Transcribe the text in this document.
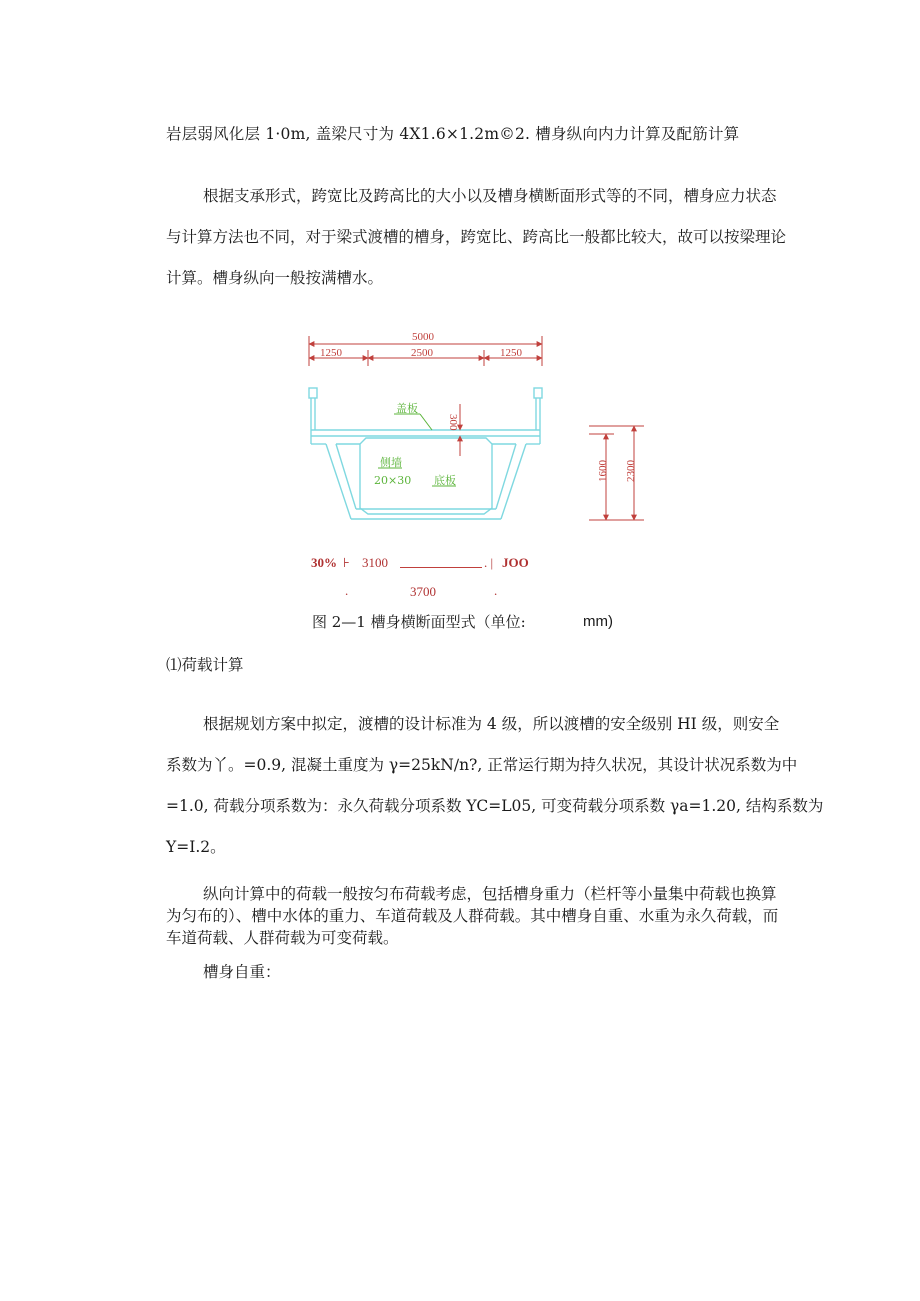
岩层弱风化层 1·0m, 盖梁尺寸为 4X1.6×1.2m©2. 槽身纵向内力计算及配筋计算
根据支承形式，跨宽比及跨高比的大小以及槽身横断面形式等的不同，槽身应力状态
与计算方法也不同，对于梁式渡槽的槽身，跨宽比、跨高比一般都比较大，故可以按梁理论
计算。槽身纵向一般按满槽水。
5000
1250	2500	1250
300
盖板
侧墙
20×30 底板	1600 2300
30% ⊦ 3100	. | JOO
.	3700	.
图 2—1 槽身横断面型式（单位:	mm)
⑴荷载计算
根据规划方案中拟定，渡槽的设计标准为 4 级，所以渡槽的安全级别 HI 级，则安全
系数为丫。=0.9, 混凝土重度为 γ=25kN∕n?, 正常运行期为持久状况，其设计状况系数为中
=1.0, 荷载分项系数为：永久荷载分项系数 YC=L05, 可变荷载分项系数 γa=1.20, 结构系数为
Y=I.2。
纵向计算中的荷载一般按匀布荷载考虑，包括槽身重力（栏杆等小量集中荷载也换算
为匀布的）、槽中水体的重力、车道荷载及人群荷载。其中槽身自重、水重为永久荷载，而
车道荷载、人群荷载为可变荷载。
槽身自重：
